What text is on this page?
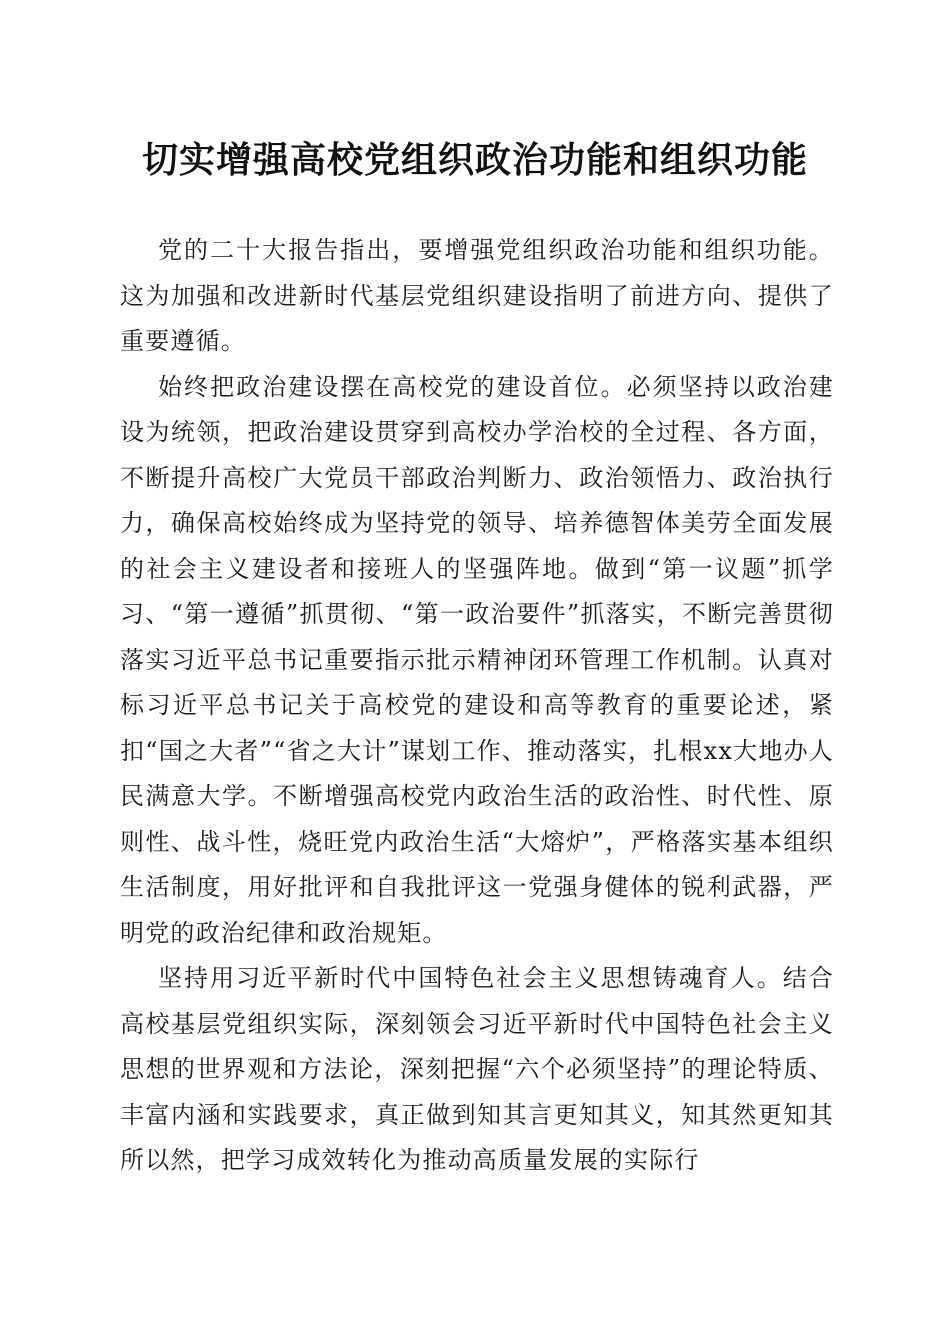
切实增强高校党组织政治功能和组织功能

党的二十大报告指出，要增强党组织政治功能和组织功能。这为加强和改进新时代基层党组织建设指明了前进方向、提供了重要遵循。

始终把政治建设摆在高校党的建设首位。必须坚持以政治建设为统领，把政治建设贯穿到高校办学治校的全过程、各方面，不断提升高校广大党员干部政治判断力、政治领悟力、政治执行力，确保高校始终成为坚持党的领导、培养德智体美劳全面发展的社会主义建设者和接班人的坚强阵地。做到“第一议题”抓学习、“第一遵循”抓贯彻、“第一政治要件”抓落实，不断完善贯彻落实习近平总书记重要指示批示精神闭环管理工作机制。认真对标习近平总书记关于高校党的建设和高等教育的重要论述，紧扣“国之大者”“省之大计”谋划工作、推动落实，扎根xx大地办人民满意大学。不断增强高校党内政治生活的政治性、时代性、原则性、战斗性，烧旺党内政治生活“大熔炉”，严格落实基本组织生活制度，用好批评和自我批评这一党强身健体的锐利武器，严明党的政治纪律和政治规矩。

坚持用习近平新时代中国特色社会主义思想铸魂育人。结合高校基层党组织实际，深刻领会习近平新时代中国特色社会主义思想的世界观和方法论，深刻把握“六个必须坚持”的理论特质、丰富内涵和实践要求，真正做到知其言更知其义，知其然更知其所以然，把学习成效转化为推动高质量发展的实际行
